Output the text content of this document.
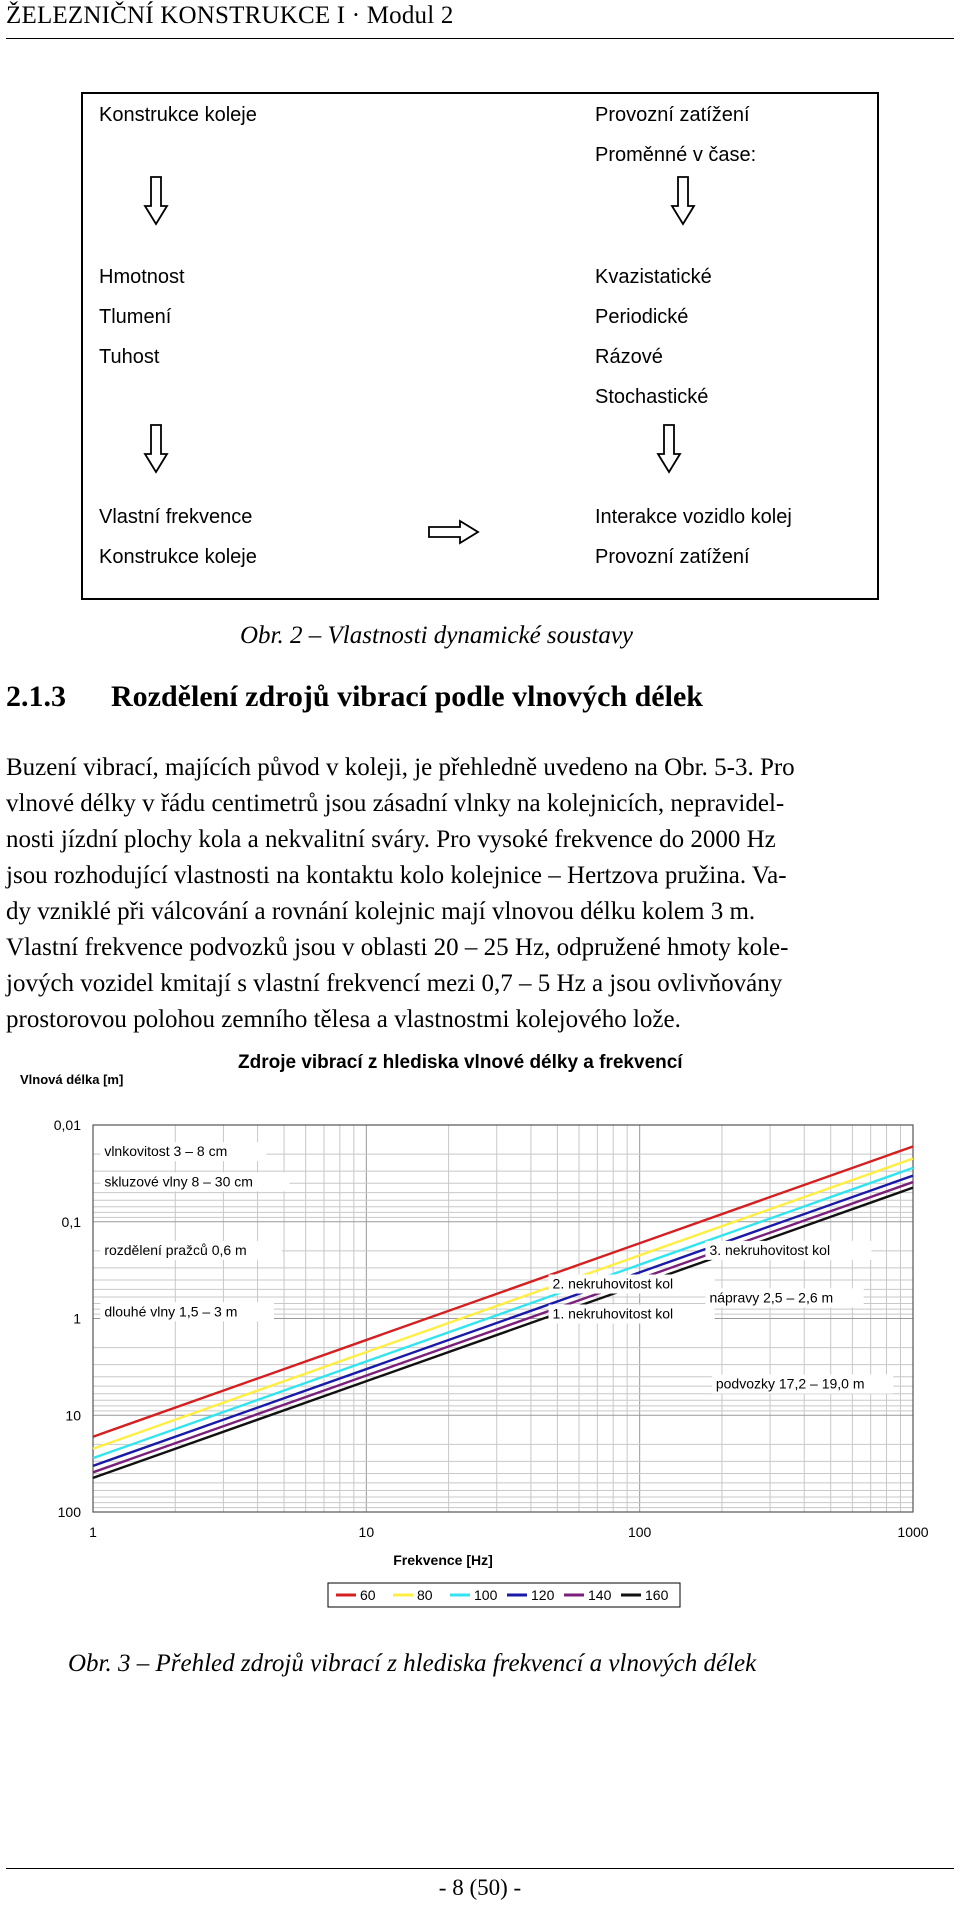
ŽELEZNIČNÍ KONSTRUKCE I · Modul 2
Konstrukce koleje	Provozní zatížení
Proměnné v čase:
Hmotnost
Tlumení
Tuhost
Kvazistatické
Periodické
Rázové
Stochastické
Vlastní frekvence
Konstrukce koleje
Interakce vozidlo kolej
Provozní zatížení
Obr. 2 – Vlastnosti dynamické soustavy
2.1.3 Rozdělení zdrojů vibrací podle vlnových délek
Buzení vibrací, majících původ v koleji, je přehledně uvedeno na Obr. 5-3. Pro
vlnové délky v řádu centimetrů jsou zásadní vlnky na kolejnicích, nepravidel-
nosti jízdní plochy kola a nekvalitní sváry. Pro vysoké frekvence do 2000 Hz
jsou rozhodující vlastnosti na kontaktu kolo kolejnice – Hertzova pružina. Va-
dy vzniklé při válcování a rovnání kolejnic mají vlnovou délku kolem 3 m.
Vlastní frekvence podvozků jsou v oblasti 20 – 25 Hz, odpružené hmoty kole-
jových vozidel kmitají s vlastní frekvencí mezi 0,7 – 5 Hz a jsou ovlivňovány
prostorovou polohou zemního tělesa a vlastnostmi kolejového lože.
Zdroje vibrací z hlediska vlnové délky a frekvencí
Vlnová délka [m]
0,01
0,1
1
10
100
1	10	100	1000
Frekvence [Hz]
vlnkovitost 3 – 8 cm
skluzové vlny 8 – 30 cm
rozdělení pražců 0,6 m
dlouhé vlny 1,5 – 3 m
2. nekruhovitost kol
1. nekruhovitost kol
3. nekruhovitost kol
nápravy 2,5 – 2,6 m
podvozky 17,2 – 19,0 m
60	80	100 120 140 160
Obr. 3 – Přehled zdrojů vibrací z hlediska frekvencí a vlnových délek
- 8 (50) -
